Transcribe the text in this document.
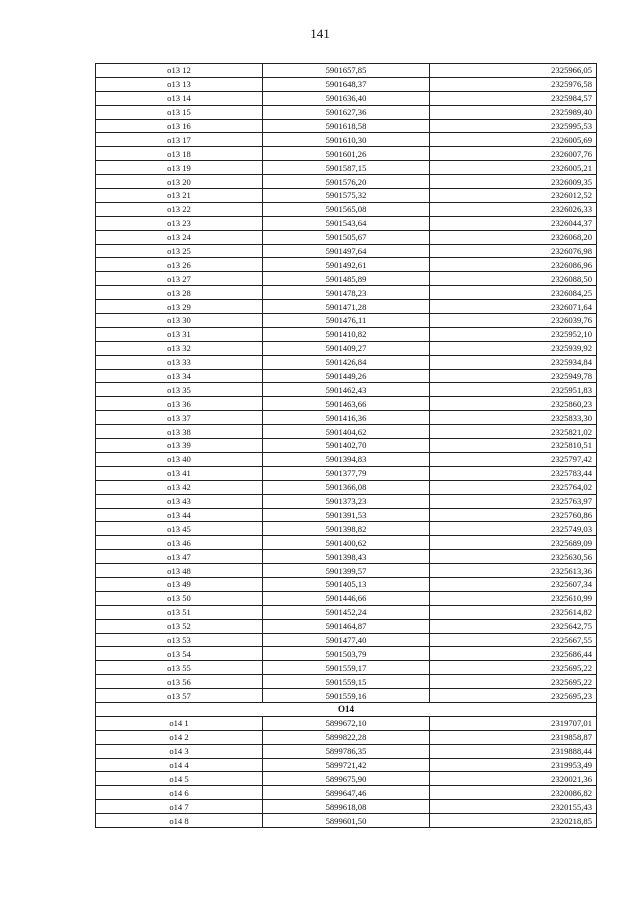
141
o13 12	5901657,85	2325966,05
o13 13	5901648,37	2325976,58
o13 14	5901636,40	2325984,57
o13 15	5901627,36	2325989,40
o13 16	5901618,58	2325995,53
o13 17	5901610,30	2326005,69
o13 18	5901601,26	2326007,76
o13 19	5901587,15	2326005,21
o13 20	5901576,20	2326009,35
o13 21	5901575,32	2326012,52
o13 22	5901565,08	2326026,33
o13 23	5901543,64	2326044,37
o13 24	5901505,67	2326068,20
o13 25	5901497,64	2326076,98
o13 26	5901492,61	2326086,96
o13 27	5901485,89	2326088,50
o13 28	5901478,23	2326084,25
o13 29	5901471,28	2326071,64
o13 30	5901476,11	2326039,76
o13 31	5901410,82	2325952,10
o13 32	5901409,27	2325939,92
o13 33	5901426,84	2325934,84
o13 34	5901449,26	2325949,78
o13 35	5901462,43	2325951,83
o13 36	5901463,66	2325860,23
o13 37	5901416,36	2325833,30
o13 38	5901404,62	2325821,02
o13 39	5901402,70	2325810,51
o13 40	5901394,83	2325797,42
o13 41	5901377,79	2325783,44
o13 42	5901366,08	2325764,02
o13 43	5901373,23	2325763,97
o13 44	5901391,53	2325760,86
o13 45	5901398,82	2325749,03
o13 46	5901400,62	2325689,09
o13 47	5901398,43	2325630,56
o13 48	5901399,57	2325613,36
o13 49	5901405,13	2325607,34
o13 50	5901446,66	2325610,99
o13 51	5901452,24	2325614,82
o13 52	5901464,87	2325642,75
o13 53	5901477,40	2325667,55
o13 54	5901503,79	2325686,44
o13 55	5901559,17	2325695,22
o13 56	5901559,15	2325695,22
o13 57	5901559,16	2325695,23
O14		
o14 1	5899672,10	2319707,01
o14 2	5899822,28	2319858,87
o14 3	5899786,35	2319888,44
o14 4	5899721,42	2319953,49
o14 5	5899675,90	2320021,36
o14 6	5899647,46	2320086,82
o14 7	5899618,08	2320155,43
o14 8	5899601,50	2320218,85
